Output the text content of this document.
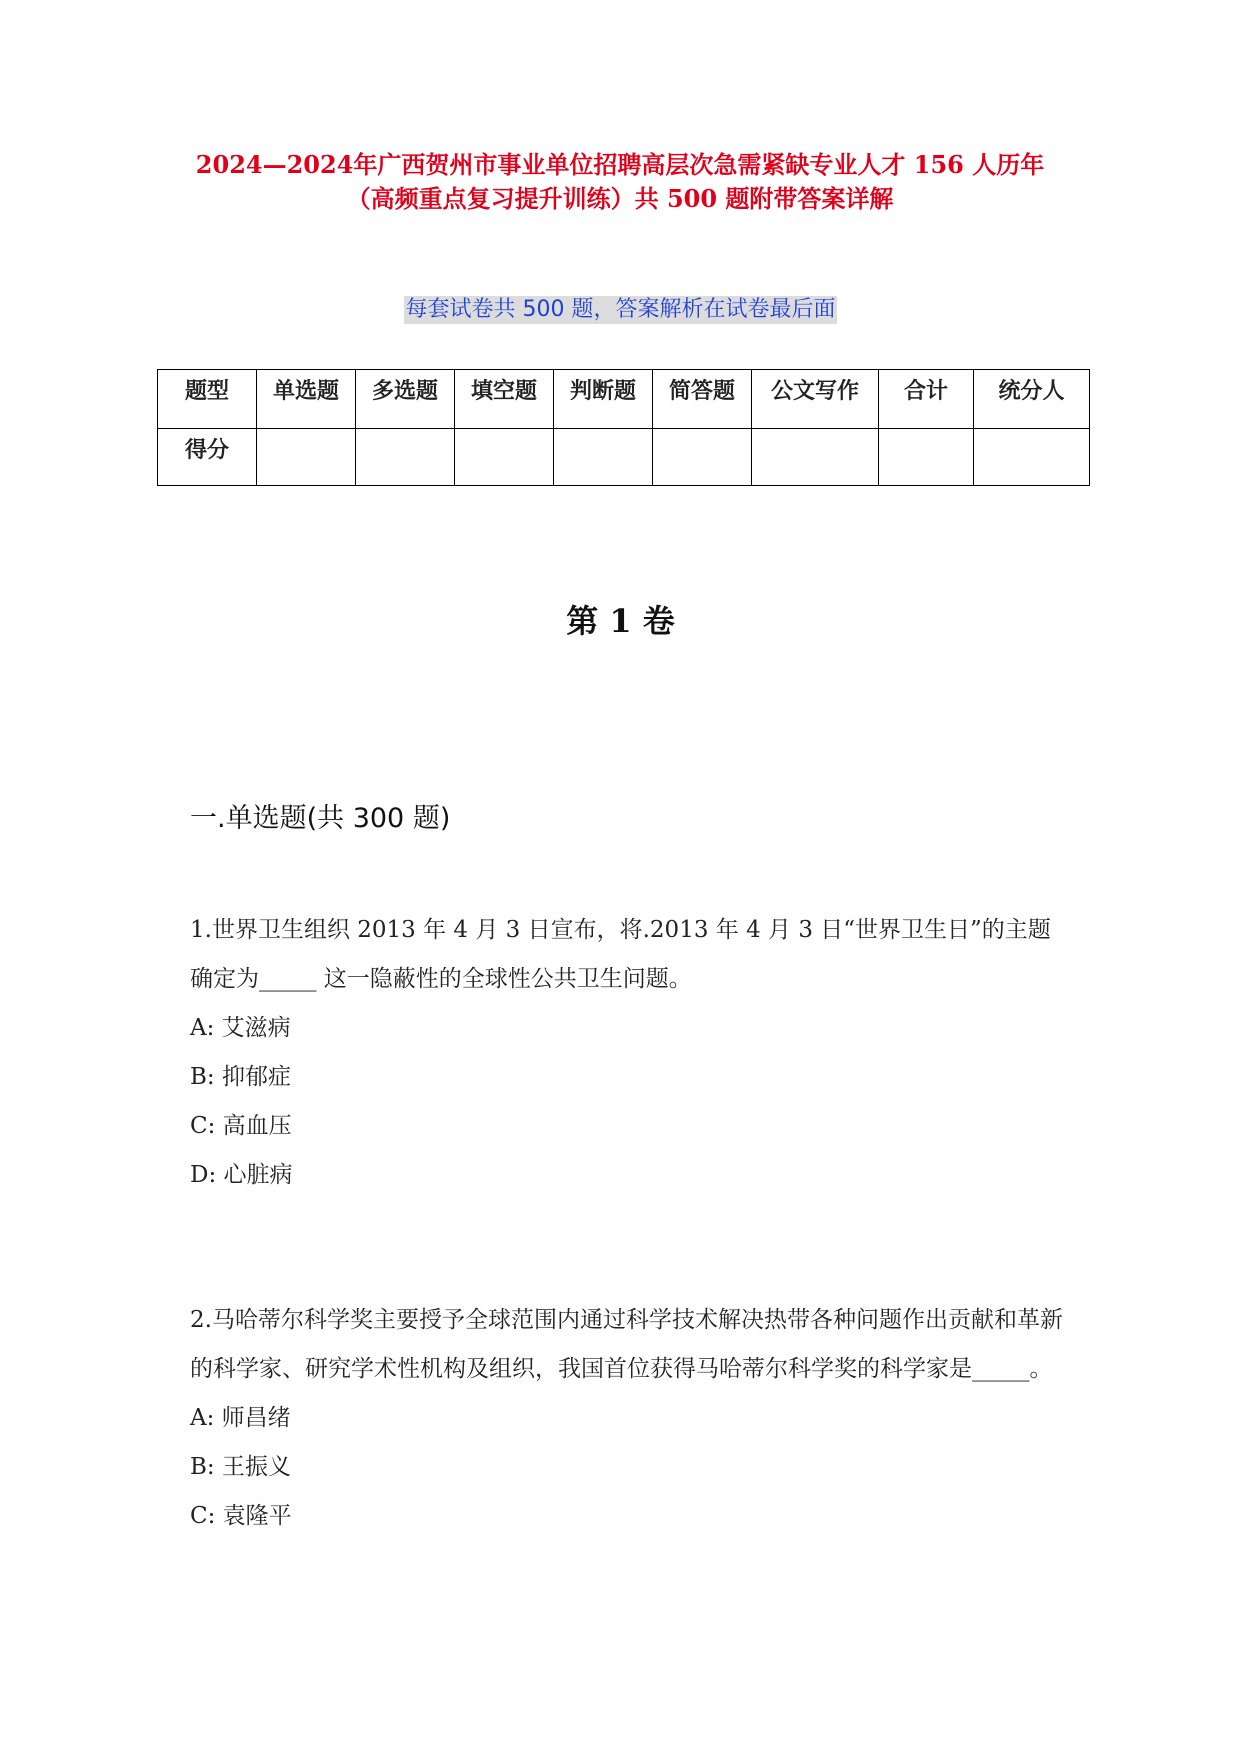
2024—2024年广西贺州市事业单位招聘高层次急需紧缺专业人才 156 人历年
（高频重点复习提升训练）共 500 题附带答案详解
每套试卷共 500 题，答案解析在试卷最后面
题型	单选题	多选题	填空题	判断题	简答题	公文写作	合计	统分人
得分								
第 1 卷
一.单选题(共 300 题)

1.世界卫生组织 2013 年 4 月 3 日宣布，将.2013 年 4 月 3 日“世界卫生日”的主题确定为_____ 这一隐蔽性的全球性公共卫生问题。

A: 艾滋病
B: 抑郁症
C: 高血压
D: 心脏病

2.马哈蒂尔科学奖主要授予全球范围内通过科学技术解决热带各种问题作出贡献和革新的科学家、研究学术性机构及组织，我国首位获得马哈蒂尔科学奖的科学家是_____。

A: 师昌绪
B: 王振义
C: 袁隆平
